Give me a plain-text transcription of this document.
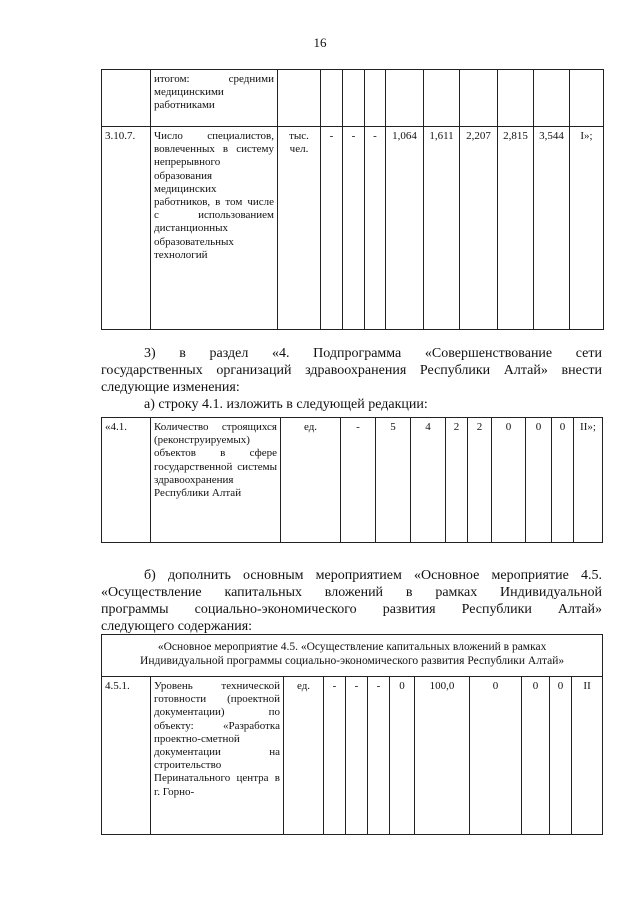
16
	итогом: средними медицинскими работниками										
3.10.7.	Число специалистов, вовлеченных в систему непрерывного образования медицинских работников, в том числе с использованием дистанционных образовательных технологий	тыс. чел.	-	-	-	1,064	1,611	2,207	2,815	3,544	I»;
3) в раздел «4. Подпрограмма «Совершенствование сети
государственных организаций здравоохранения Республики Алтай» внести
следующие изменения:
а) строку 4.1. изложить в следующей редакции:
«4.1.	Количество строящихся (реконструируемых) объектов в сфере государственной системы здравоохранения Республики Алтай	ед.	-	5	4	2	2	0	0	0	II»;
б) дополнить основным мероприятием «Основное мероприятие 4.5.
«Осуществление капитальных вложений в рамках Индивидуальной
программы социально-экономического развития Республики Алтай»
следующего содержания:
«Основное мероприятие 4.5. «Осуществление капитальных вложений в рамках
Индивидуальной программы социально-экономического развития Республики Алтай»

4.5.1.	Уровень технической готовности (проектной документации) по объекту: «Разработка проектно-сметной документации на строительство Перинатального центра в г. Горно-	ед.	-	-	-	0	100,0	0	0	0	II
